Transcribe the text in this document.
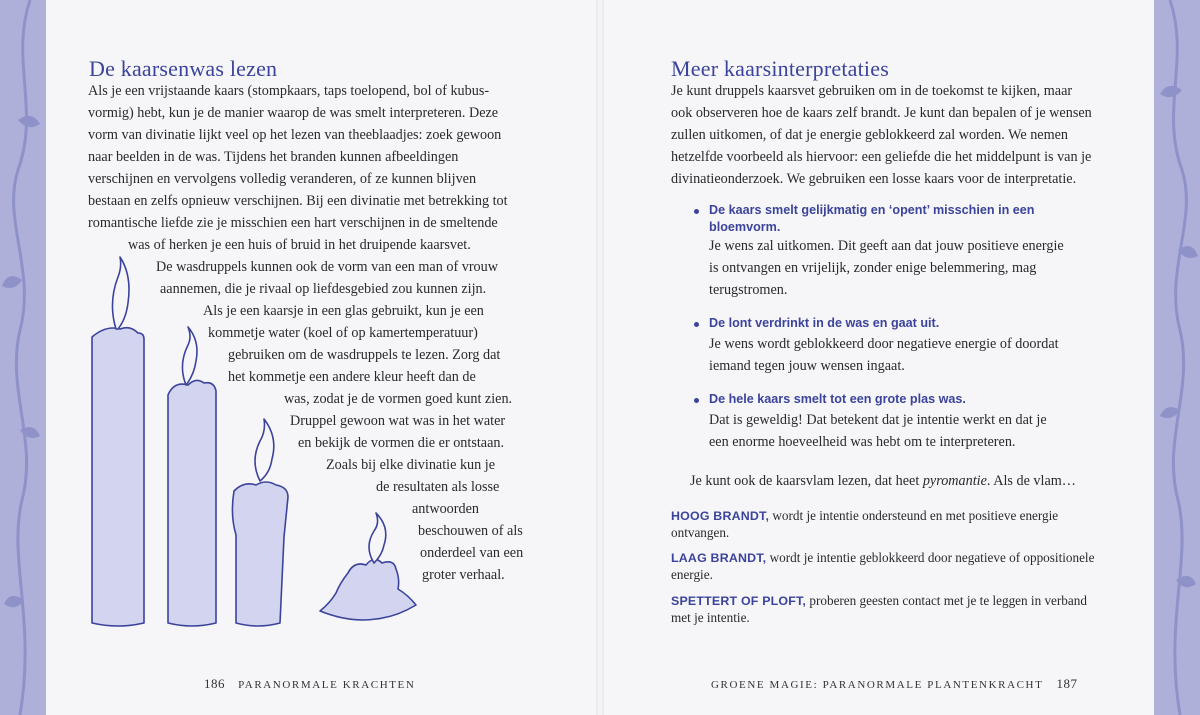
De kaarsenwas lezen
Als je een vrijstaande kaars (stompkaars, taps toelopend, bol of kubus-
vormig) hebt, kun je de manier waarop de was smelt interpreteren. Deze
vorm van divinatie lijkt veel op het lezen van theeblaadjes: zoek gewoon
naar beelden in de was. Tijdens het branden kunnen afbeeldingen
verschijnen en vervolgens volledig veranderen, of ze kunnen blijven
bestaan en zelfs opnieuw verschijnen. Bij een divinatie met betrekking tot
romantische liefde zie je misschien een hart verschijnen in de smeltende
was of herken je een huis of bruid in het druipende kaarsvet.
De wasdruppels kunnen ook de vorm van een man of vrouw
aannemen, die je rivaal op liefdesgebied zou kunnen zijn.
Als je een kaarsje in een glas gebruikt, kun je een
kommetje water (koel of op kamertemperatuur)
gebruiken om de wasdruppels te lezen. Zorg dat
het kommetje een andere kleur heeft dan de
was, zodat je de vormen goed kunt zien.
Druppel gewoon wat was in het water
en bekijk de vormen die er ontstaan.
Zoals bij elke divinatie kun je
de resultaten als losse
antwoorden
beschouwen of als
onderdeel van een
groter verhaal.
186 PARANORMALE KRACHTEN
Meer kaarsinterpretaties
Je kunt druppels kaarsvet gebruiken om in de toekomst te kijken, maar
ook observeren hoe de kaars zelf brandt. Je kunt dan bepalen of je wensen
zullen uitkomen, of dat je energie geblokkeerd zal worden. We nemen
hetzelfde voorbeeld als hiervoor: een geliefde die het middelpunt is van je
divinatieonderzoek. We gebruiken een losse kaars voor de interpretatie.
De kaars smelt gelijkmatig en ‘opent’ misschien in een
bloemvorm.
Je wens zal uitkomen. Dit geeft aan dat jouw positieve energie
is ontvangen en vrijelijk, zonder enige belemmering, mag
terugstromen.
De lont verdrinkt in de was en gaat uit.
Je wens wordt geblokkeerd door negatieve energie of doordat
iemand tegen jouw wensen ingaat.
De hele kaars smelt tot een grote plas was.
Dat is geweldig! Dat betekent dat je intentie werkt en dat je
een enorme hoeveelheid was hebt om te interpreteren.
Je kunt ook de kaarsvlam lezen, dat heet pyromantie. Als de vlam…
HOOG BRANDT, wordt je intentie ondersteund en met positieve energie
ontvangen.
LAAG BRANDT, wordt je intentie geblokkeerd door negatieve of oppositionele
energie.
SPETTERT OF PLOFT, proberen geesten contact met je te leggen in verband
met je intentie.
GROENE MAGIE: PARANORMALE PLANTENKRACHT 187
